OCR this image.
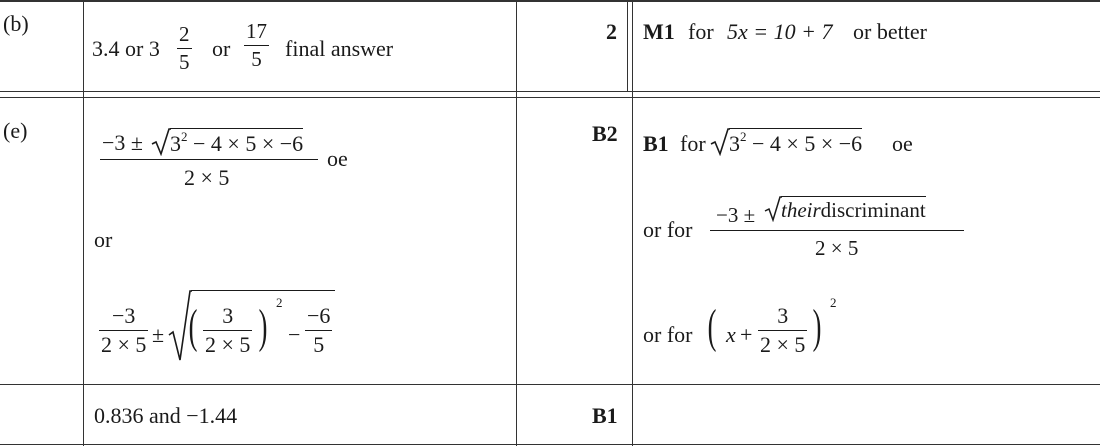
(b)
3.4 or 3
2
5
or
17
5 final answer
2 M1 for 5x = 10 + 7 or better
(e)	$-3 \pm 3^2 - 4 \times 5 \times -6$
2 × 5
oe
or
−3
2 × 5 ± ( 3
2 × 5 ) 2
−
−6
5
B2 B1 for $3^2 - 4 \times 5 \times -6$ oe
or for
−3 ± theirdiscriminant
2 × 5
or for ( x +
3
2 × 5 ) 2
0.836 and −1.44	B1
